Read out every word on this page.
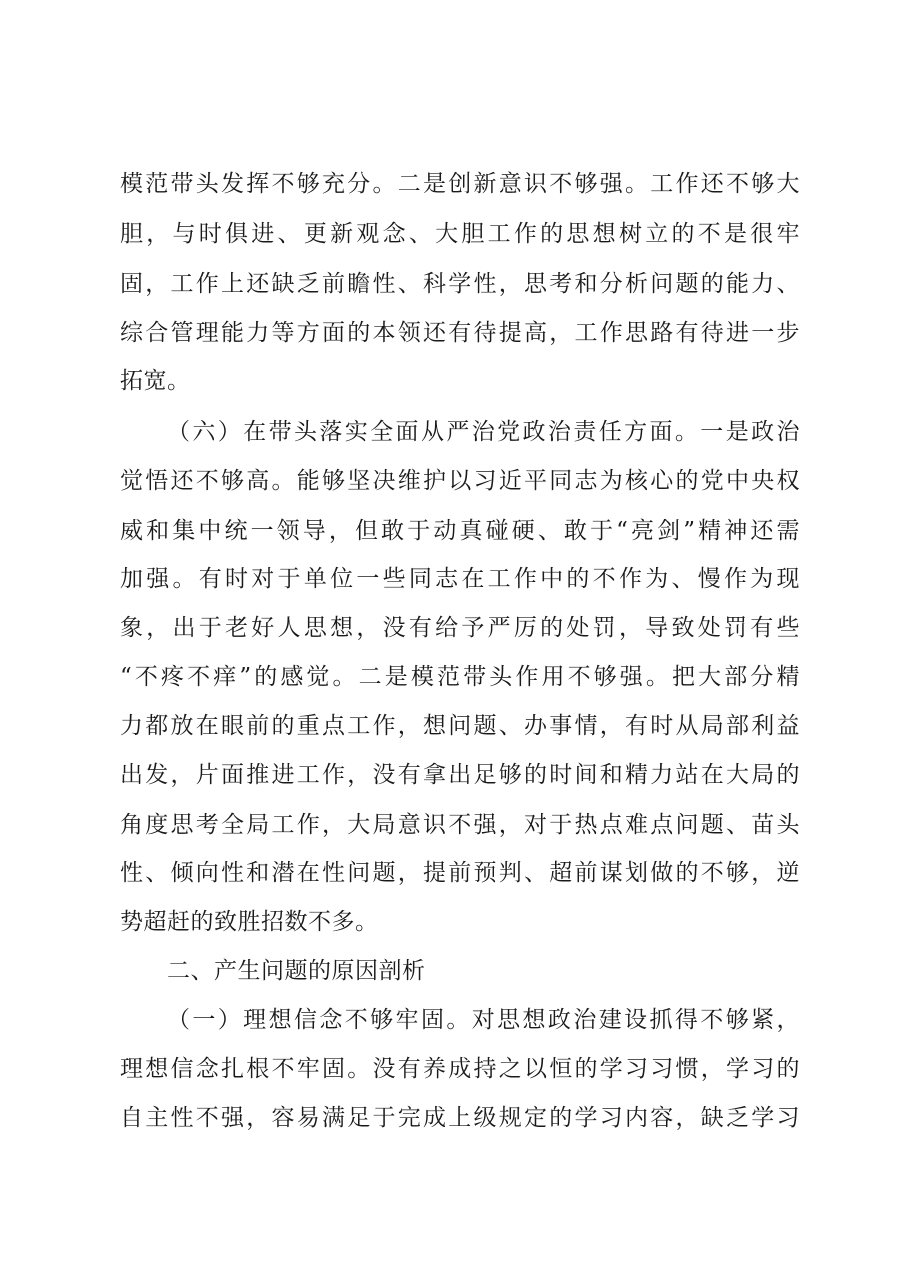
模范带头发挥不够充分。二是创新意识不够强。工作还不够大
胆，与时俱进、更新观念、大胆工作的思想树立的不是很牢
固，工作上还缺乏前瞻性、科学性，思考和分析问题的能力、
综合管理能力等方面的本领还有待提高，工作思路有待进一步
拓宽。
（六）在带头落实全面从严治党政治责任方面。一是政治
觉悟还不够高。能够坚决维护以习近平同志为核心的党中央权
威和集中统一领导，但敢于动真碰硬、敢于“亮剑”精神还需
加强。有时对于单位一些同志在工作中的不作为、慢作为现
象，出于老好人思想，没有给予严厉的处罚，导致处罚有些
“不疼不痒”的感觉。二是模范带头作用不够强。把大部分精
力都放在眼前的重点工作，想问题、办事情，有时从局部利益
出发，片面推进工作，没有拿出足够的时间和精力站在大局的
角度思考全局工作，大局意识不强，对于热点难点问题、苗头
性、倾向性和潜在性问题，提前预判、超前谋划做的不够，逆
势超赶的致胜招数不多。
二、产生问题的原因剖析
（一）理想信念不够牢固。对思想政治建设抓得不够紧，
理想信念扎根不牢固。没有养成持之以恒的学习习惯，学习的
自主性不强，容易满足于完成上级规定的学习内容，缺乏学习
